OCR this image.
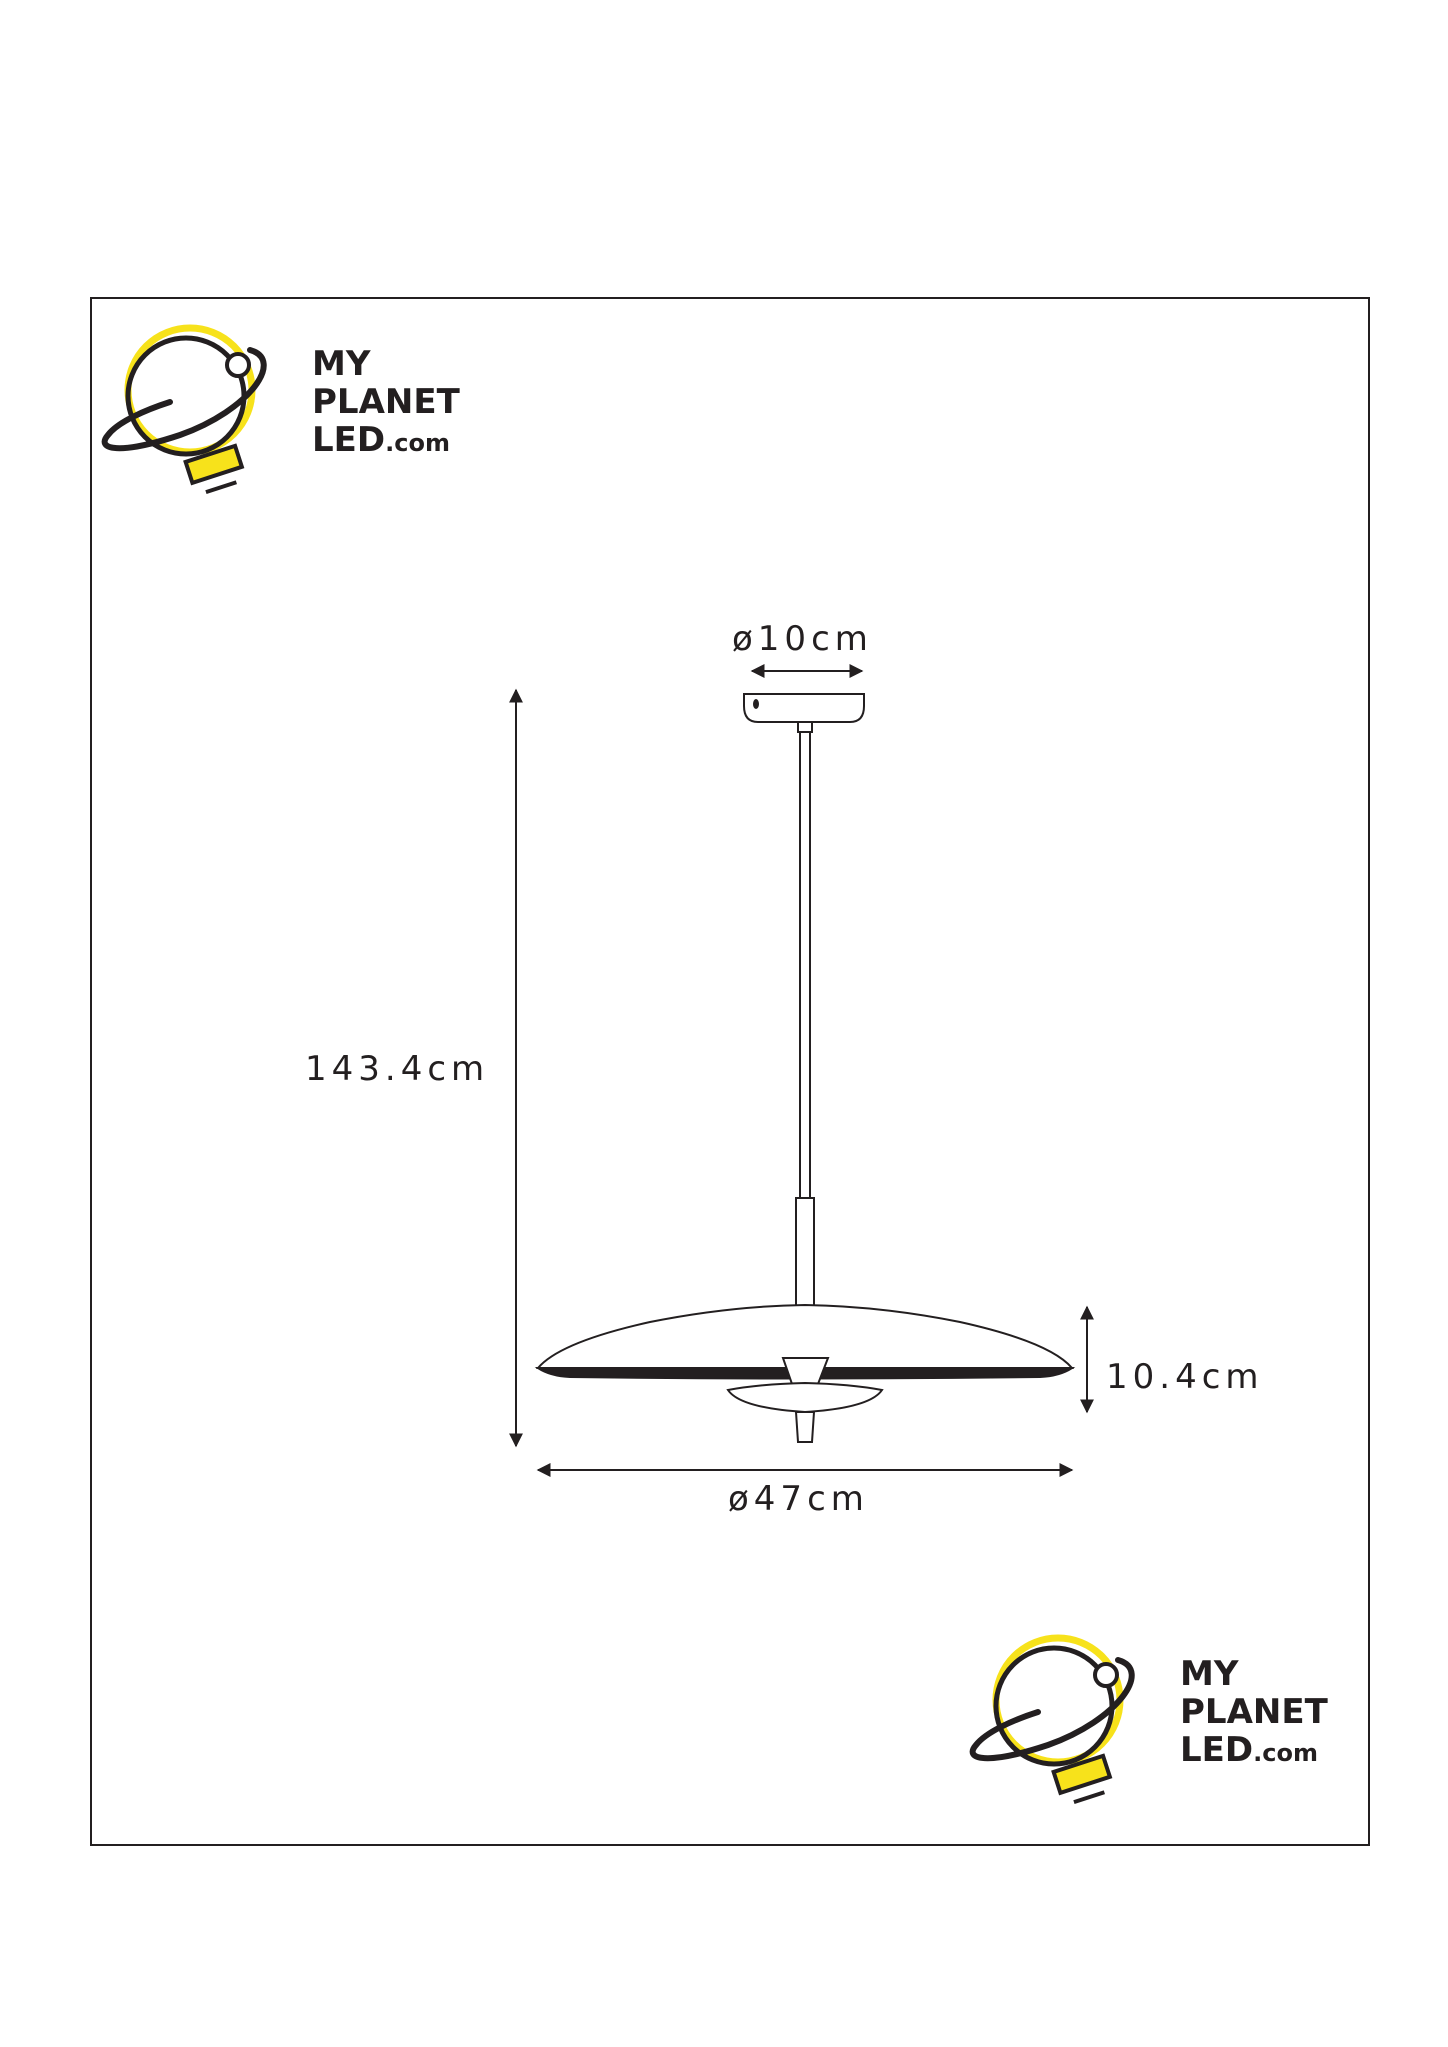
MY
PLANET
LED.com
MY
PLANET
LED.com
ø10cm
143.4cm
10.4cm
ø47cm
